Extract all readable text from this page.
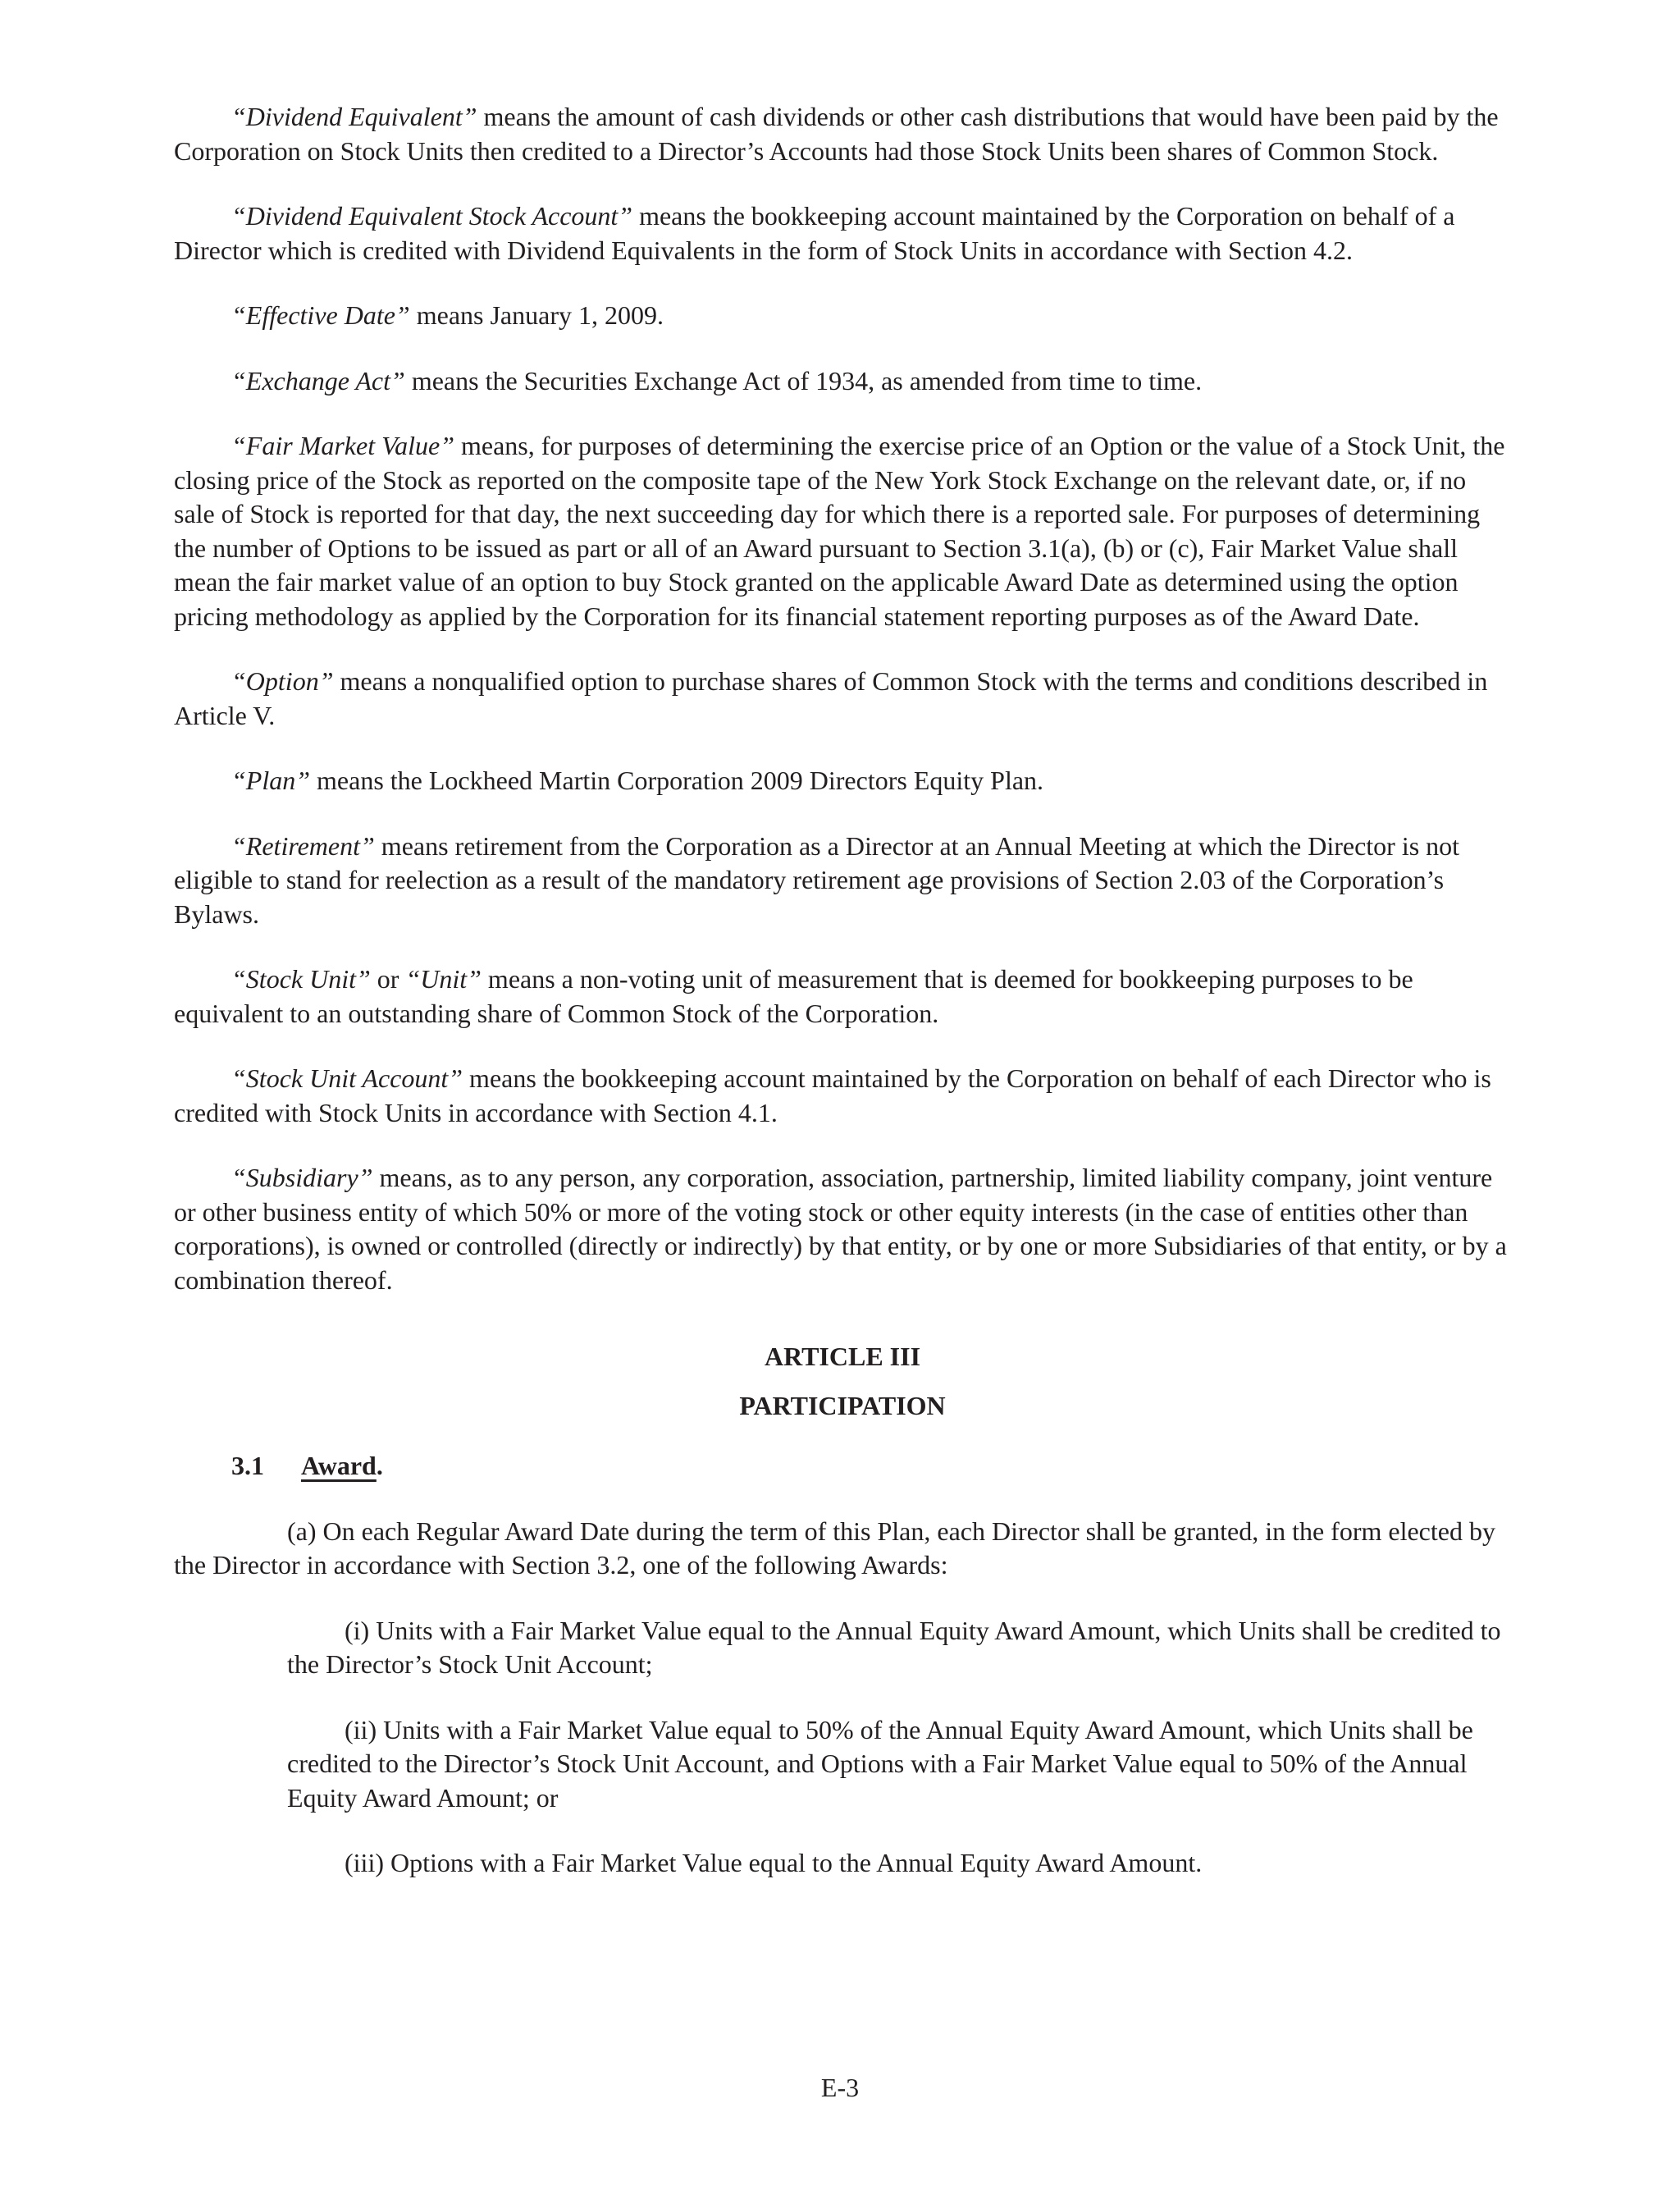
“Dividend Equivalent” means the amount of cash dividends or other cash distributions that would have been paid by the Corporation on Stock Units then credited to a Director’s Accounts had those Stock Units been shares of Common Stock.

“Dividend Equivalent Stock Account” means the bookkeeping account maintained by the Corporation on behalf of a Director which is credited with Dividend Equivalents in the form of Stock Units in accordance with Section 4.2.

“Effective Date” means January 1, 2009.

“Exchange Act” means the Securities Exchange Act of 1934, as amended from time to time.

“Fair Market Value” means, for purposes of determining the exercise price of an Option or the value of a Stock Unit, the closing price of the Stock as reported on the composite tape of the New York Stock Exchange on the relevant date, or, if no sale of Stock is reported for that day, the next succeeding day for which there is a reported sale. For purposes of determining the number of Options to be issued as part or all of an Award pursuant to Section 3.1(a), (b) or (c), Fair Market Value shall mean the fair market value of an option to buy Stock granted on the applicable Award Date as determined using the option pricing methodology as applied by the Corporation for its financial statement reporting purposes as of the Award Date.

“Option” means a nonqualified option to purchase shares of Common Stock with the terms and conditions described in Article V.

“Plan” means the Lockheed Martin Corporation 2009 Directors Equity Plan.

“Retirement” means retirement from the Corporation as a Director at an Annual Meeting at which the Director is not eligible to stand for reelection as a result of the mandatory retirement age provisions of Section 2.03 of the Corporation’s Bylaws.

“Stock Unit” or “Unit” means a non-voting unit of measurement that is deemed for bookkeeping purposes to be equivalent to an outstanding share of Common Stock of the Corporation.

“Stock Unit Account” means the bookkeeping account maintained by the Corporation on behalf of each Director who is credited with Stock Units in accordance with Section 4.1.

“Subsidiary” means, as to any person, any corporation, association, partnership, limited liability company, joint venture or other business entity of which 50% or more of the voting stock or other equity interests (in the case of entities other than corporations), is owned or controlled (directly or indirectly) by that entity, or by one or more Subsidiaries of that entity, or by a combination thereof.

ARTICLE III

PARTICIPATION

3.1 Award.

(a) On each Regular Award Date during the term of this Plan, each Director shall be granted, in the form elected by the Director in accordance with Section 3.2, one of the following Awards:

(i) Units with a Fair Market Value equal to the Annual Equity Award Amount, which Units shall be credited to the Director’s Stock Unit Account;

(ii) Units with a Fair Market Value equal to 50% of the Annual Equity Award Amount, which Units shall be credited to the Director’s Stock Unit Account, and Options with a Fair Market Value equal to 50% of the Annual Equity Award Amount; or

(iii) Options with a Fair Market Value equal to the Annual Equity Award Amount.

E-3
